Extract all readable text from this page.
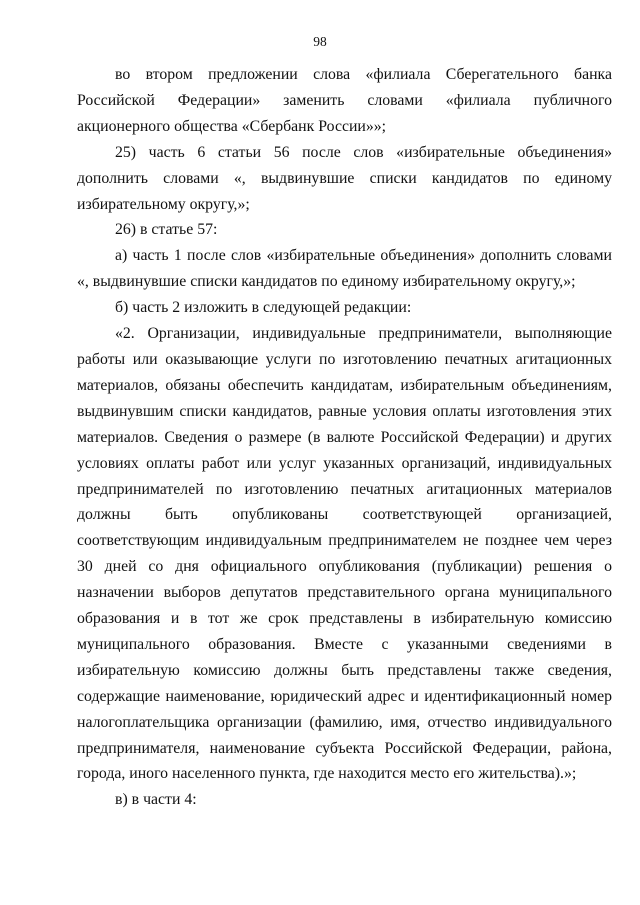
98

во втором предложении слова «филиала Сберегательного банка Российской Федерации» заменить словами «филиала публичного акционерного общества «Сбербанк России»»;

25) часть 6 статьи 56 после слов «избирательные объединения» дополнить словами «, выдвинувшие списки кандидатов по единому избирательному округу,»;

26) в статье 57:

а) часть 1 после слов «избирательные объединения» дополнить словами «, выдвинувшие списки кандидатов по единому избирательному округу,»;

б) часть 2 изложить в следующей редакции:

«2. Организации, индивидуальные предприниматели, выполняющие работы или оказывающие услуги по изготовлению печатных агитационных материалов, обязаны обеспечить кандидатам, избирательным объединениям, выдвинувшим списки кандидатов, равные условия оплаты изготовления этих материалов. Сведения о размере (в валюте Российской Федерации) и других условиях оплаты работ или услуг указанных организаций, индивидуальных предпринимателей по изготовлению печатных агитационных материалов должны быть опубликованы соответствующей организацией, соответствующим индивидуальным предпринимателем не позднее чем через 30 дней со дня официального опубликования (публикации) решения о назначении выборов депутатов представительного органа муниципального образования и в тот же срок представлены в избирательную комиссию муниципального образования. Вместе с указанными сведениями в избирательную комиссию должны быть представлены также сведения, содержащие наименование, юридический адрес и идентификационный номер налогоплательщика организации (фамилию, имя, отчество индивидуального предпринимателя, наименование субъекта Российской Федерации, района, города, иного населенного пункта, где находится место его жительства).»;

в) в части 4:
